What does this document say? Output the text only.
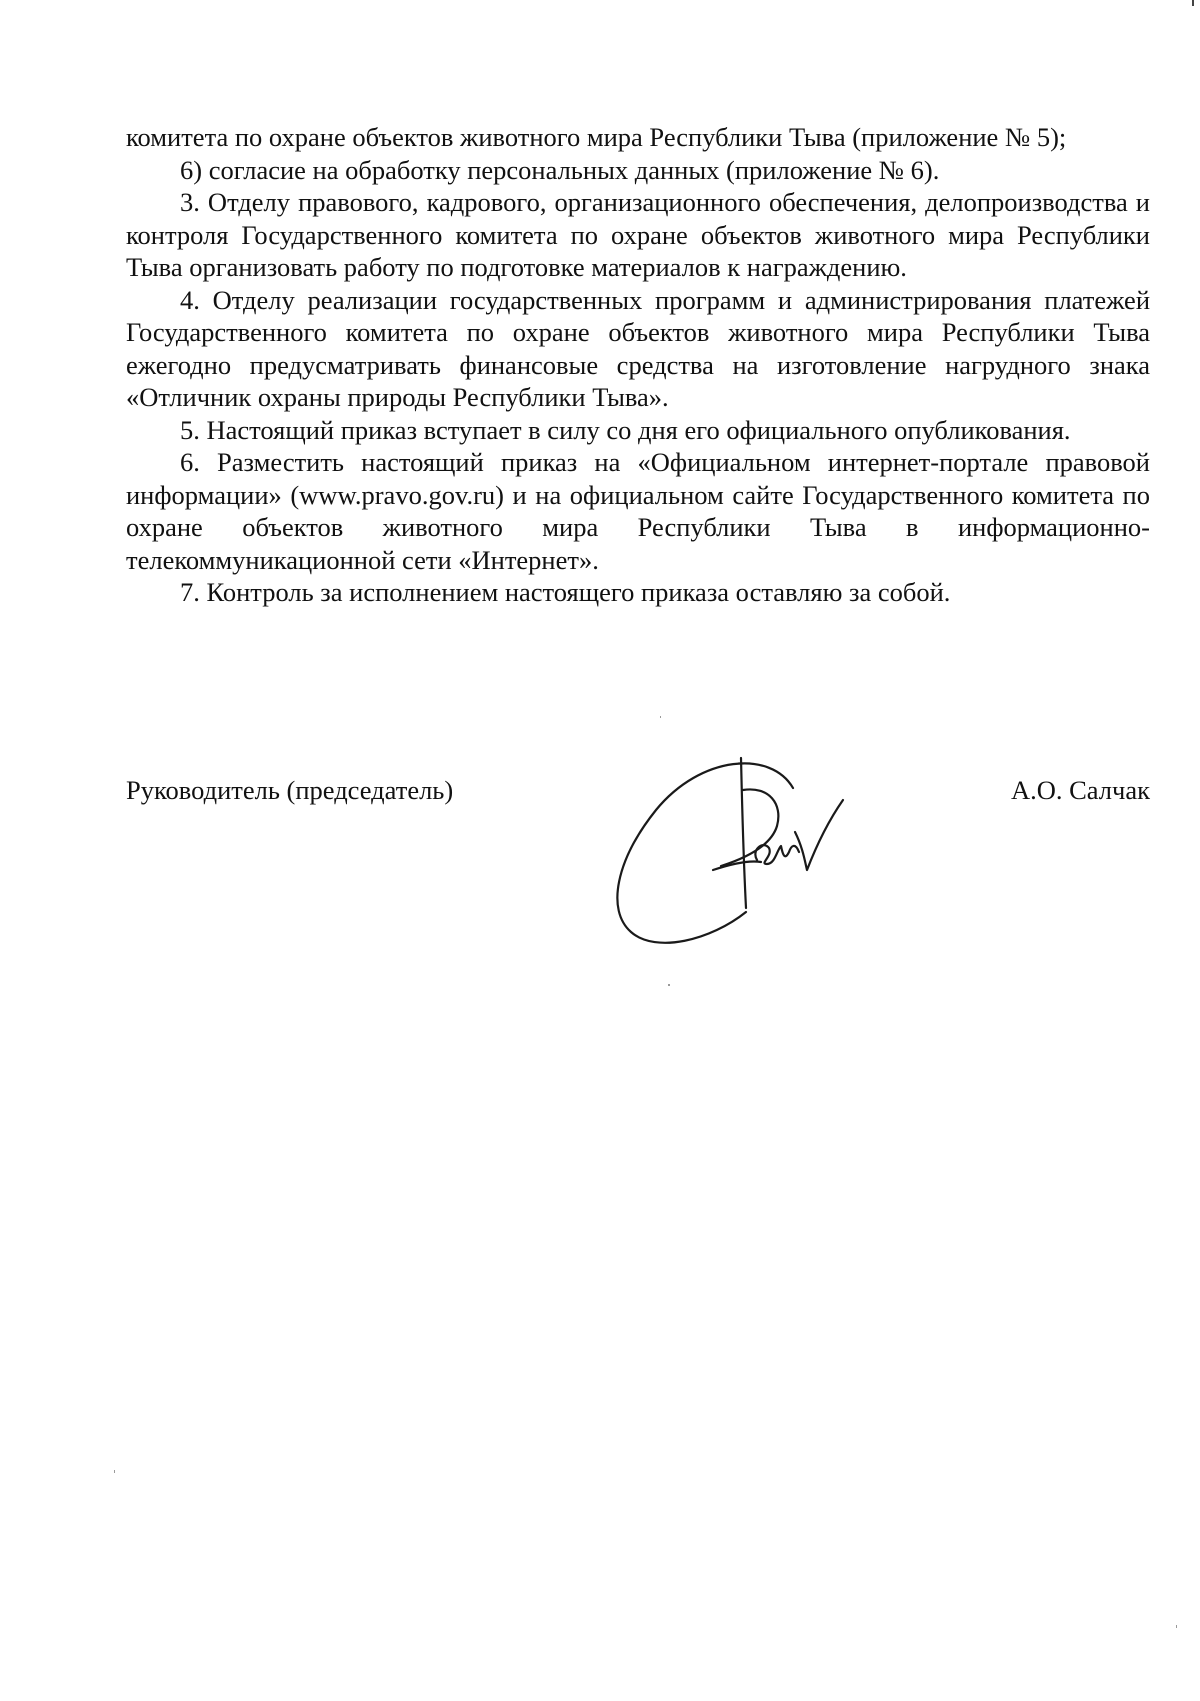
комитета по охране объектов животного мира Республики Тыва (приложение № 5);

6) согласие на обработку персональных данных (приложение № 6).

3. Отделу правового, кадрового, организационного обеспечения, делопроизводства и контроля Государственного комитета по охране объектов животного мира Республики Тыва организовать работу по подготовке материалов к награждению.

4. Отделу реализации государственных программ и администрирования платежей Государственного комитета по охране объектов животного мира Республики Тыва ежегодно предусматривать финансовые средства на изготовление нагрудного знака «Отличник охраны природы Республики Тыва».

5. Настоящий приказ вступает в силу со дня его официального опубликования.

6. Разместить настоящий приказ на «Официальном интернет-портале правовой информации» (www.pravo.gov.ru) и на официальном сайте Государственного комитета по охране объектов животного мира Республики Тыва в информационно-телекоммуникационной сети «Интернет».

7. Контроль за исполнением настоящего приказа оставляю за собой.

Руководитель (председатель)	А.О. Салчак
